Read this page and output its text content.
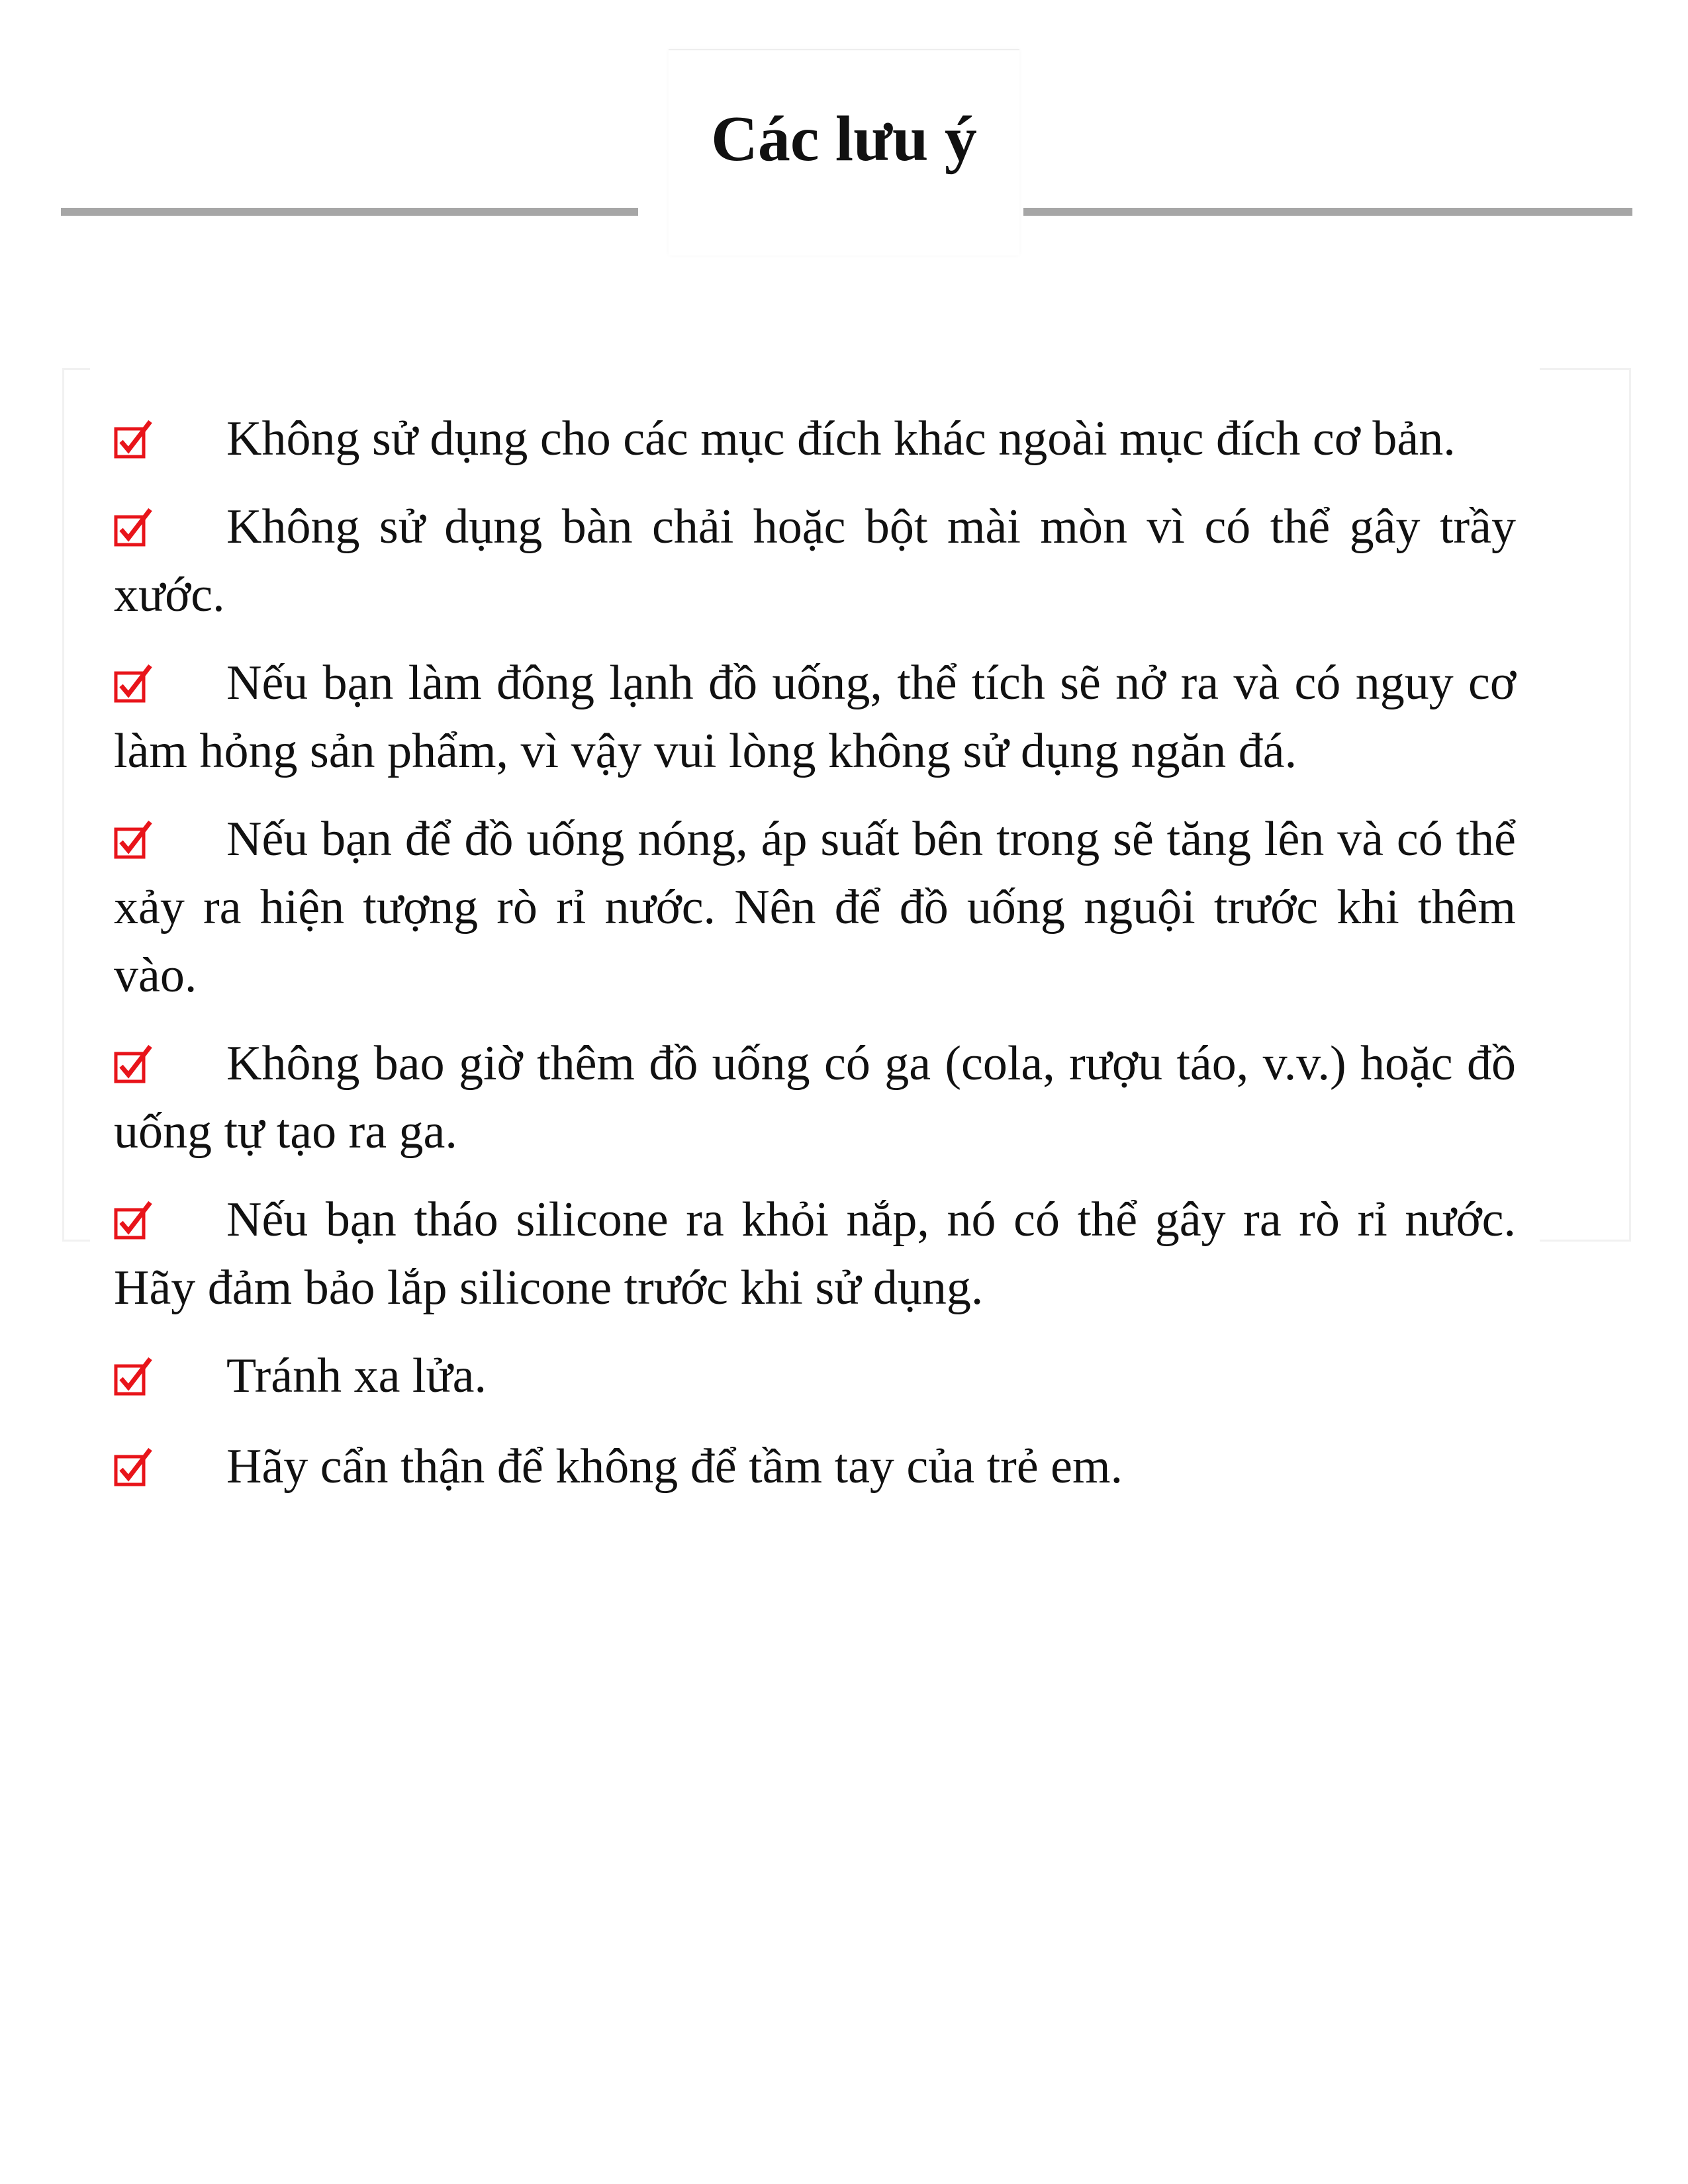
Các lưu ý
Không sử dụng cho các mục đích khác ngoài mục đích cơ bản.
Không sử dụng bàn chải hoặc bột mài mòn vì có thể gây trầy xước.
Nếu bạn làm đông lạnh đồ uống, thể tích sẽ nở ra và có nguy cơ làm hỏng sản phẩm, vì vậy vui lòng không sử dụng ngăn đá.
Nếu bạn để đồ uống nóng, áp suất bên trong sẽ tăng lên và có thể xảy ra hiện tượng rò rỉ nước. Nên để đồ uống nguội trước khi thêm vào.
Không bao giờ thêm đồ uống có ga (cola, rượu táo, v.v.) hoặc đồ uống tự tạo ra ga.
Nếu bạn tháo silicone ra khỏi nắp, nó có thể gây ra rò rỉ nước. Hãy đảm bảo lắp silicone trước khi sử dụng.
Tránh xa lửa.
Hãy cẩn thận để không để tầm tay của trẻ em.
